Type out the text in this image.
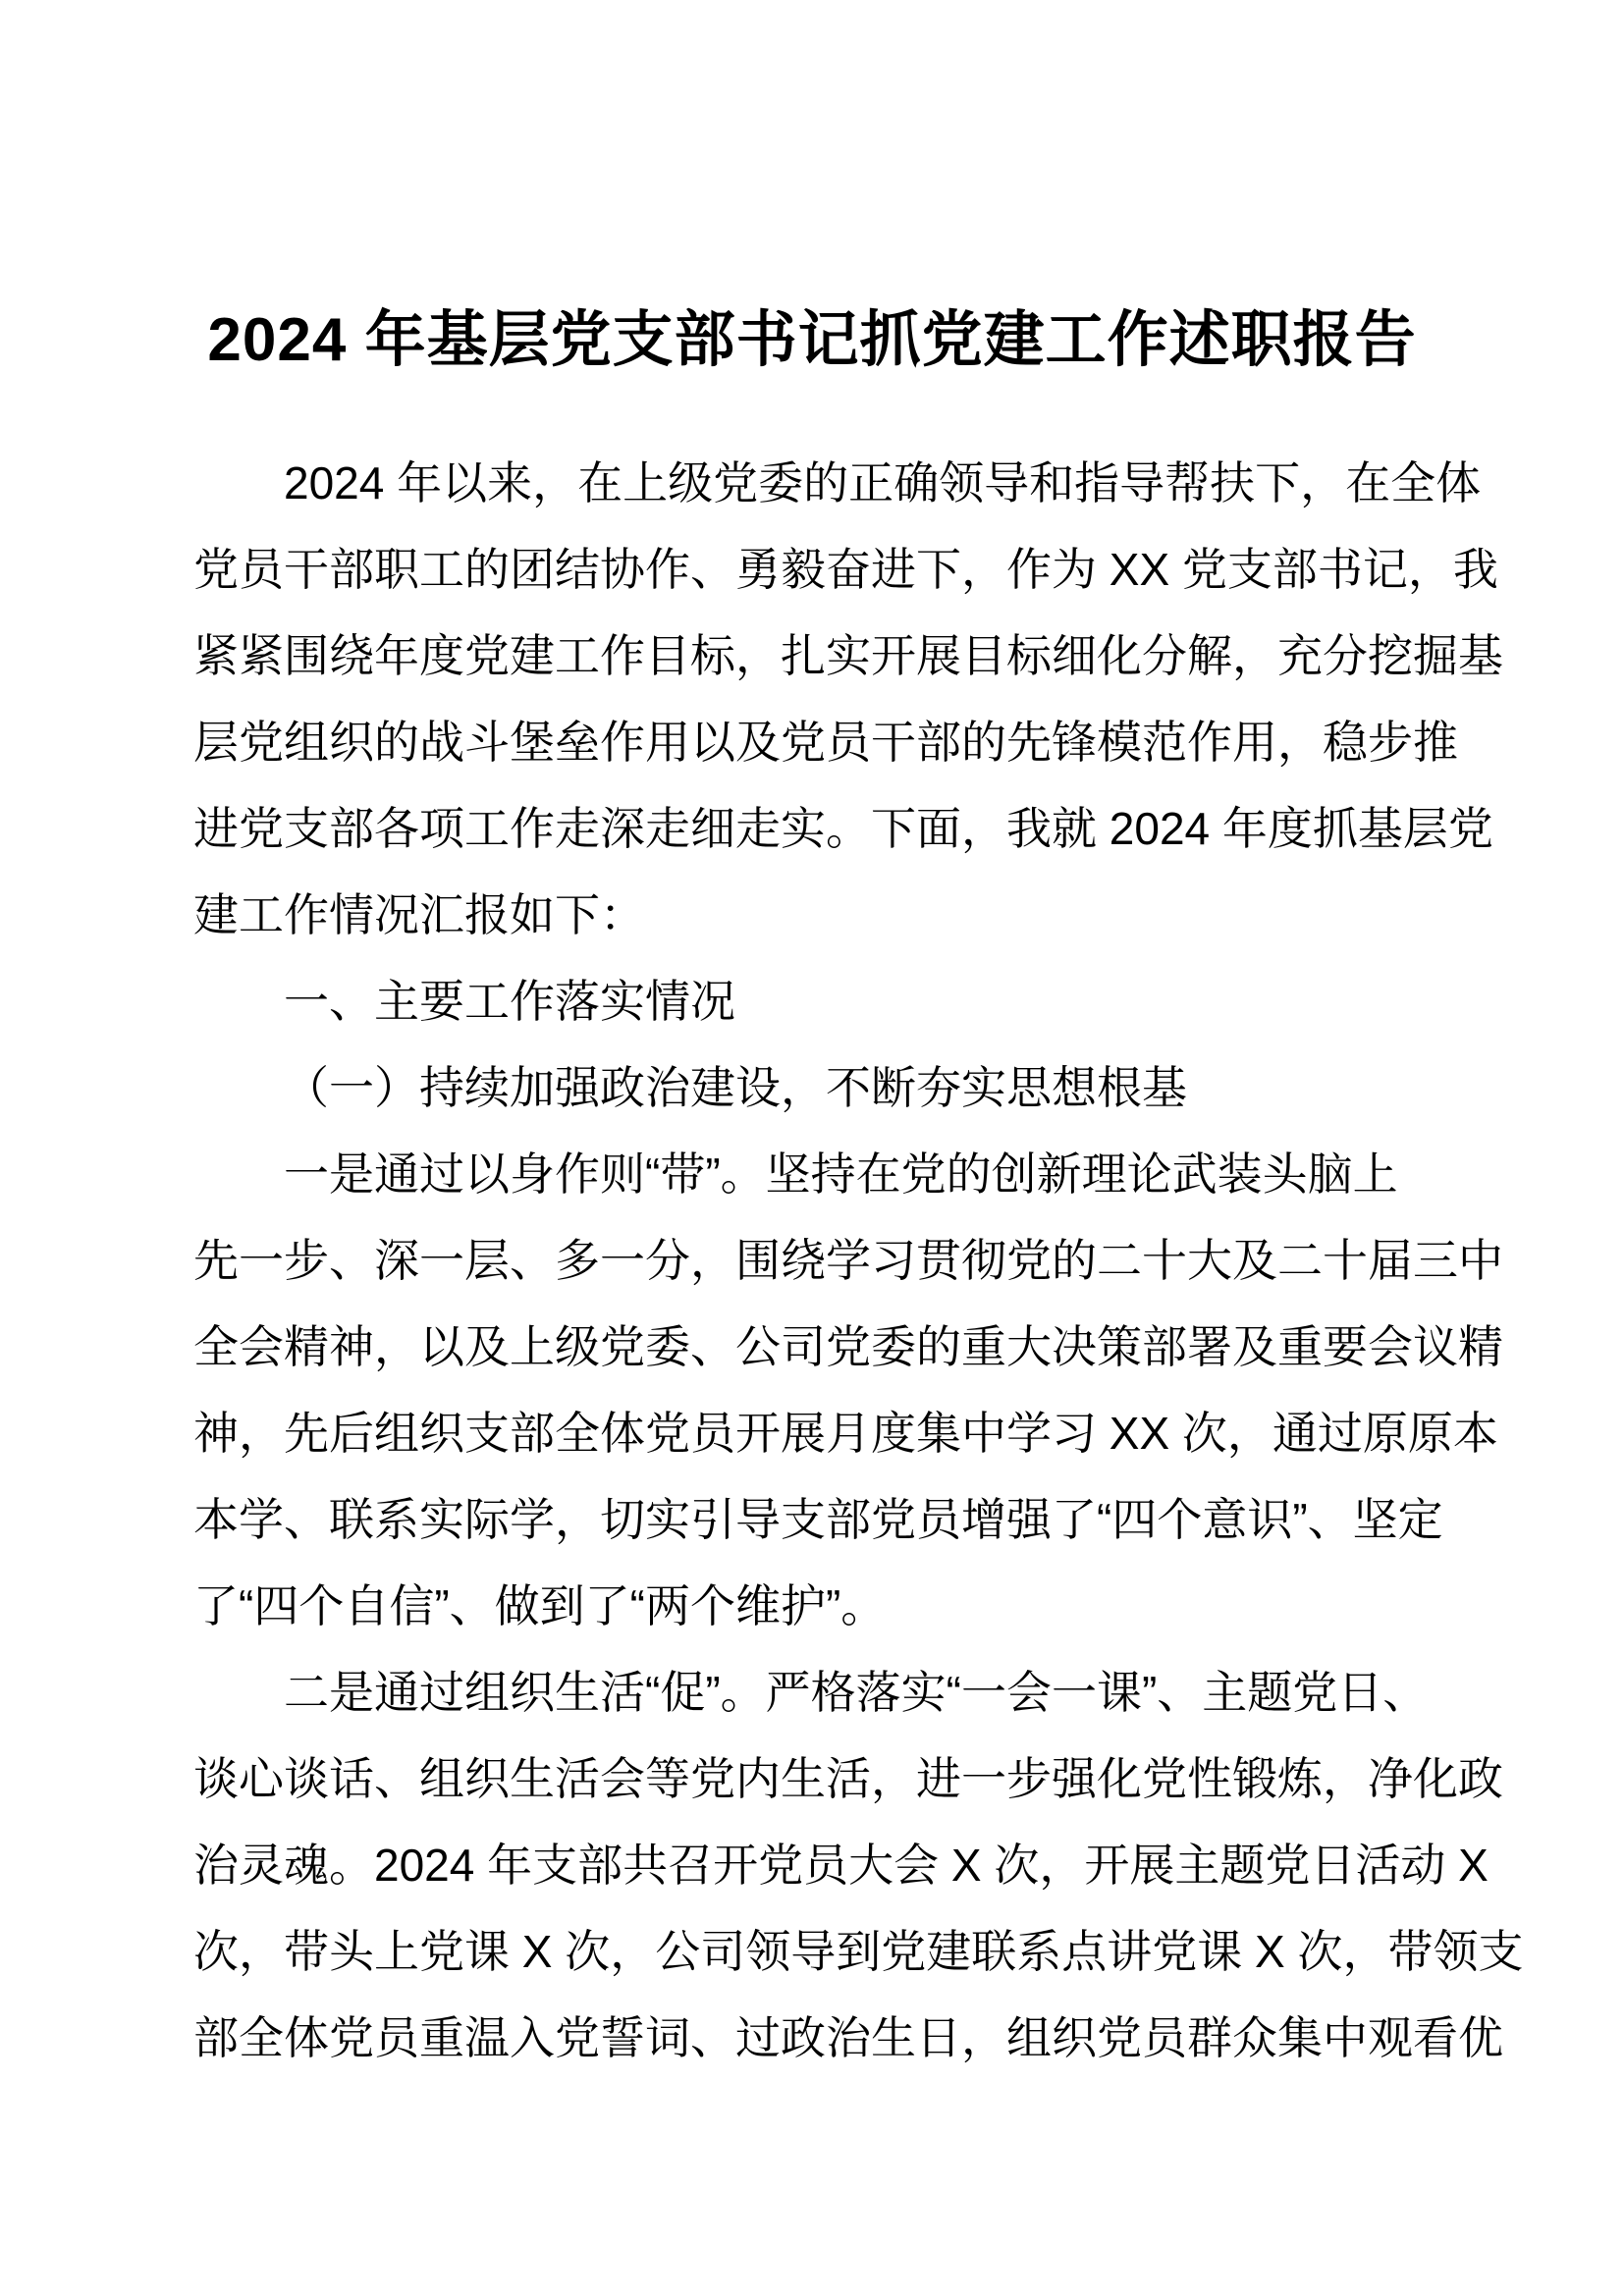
2024 年基层党支部书记抓党建工作述职报告
2024 年以来，在上级党委的正确领导和指导帮扶下，在全体
党员干部职工的团结协作、勇毅奋进下，作为 XX 党支部书记，我
紧紧围绕年度党建工作目标，扎实开展目标细化分解，充分挖掘基
层党组织的战斗堡垒作用以及党员干部的先锋模范作用，稳步推
进党支部各项工作走深走细走实。下面，我就 2024 年度抓基层党
建工作情况汇报如下：
一、主要工作落实情况
（一）持续加强政治建设，不断夯实思想根基
一是通过以身作则“带”。坚持在党的创新理论武装头脑上
先一步、深一层、多一分，围绕学习贯彻党的二十大及二十届三中
全会精神，以及上级党委、公司党委的重大决策部署及重要会议精
神，先后组织支部全体党员开展月度集中学习 XX 次，通过原原本
本学、联系实际学，切实引导支部党员增强了“四个意识”、坚定
了“四个自信”、做到了“两个维护”。
二是通过组织生活“促”。严格落实“一会一课”、主题党日、
谈心谈话、组织生活会等党内生活，进一步强化党性锻炼，净化政
治灵魂。2024 年支部共召开党员大会 X 次，开展主题党日活动 X
次，带头上党课 X 次，公司领导到党建联系点讲党课 X 次，带领支
部全体党员重温入党誓词、过政治生日，组织党员群众集中观看优
